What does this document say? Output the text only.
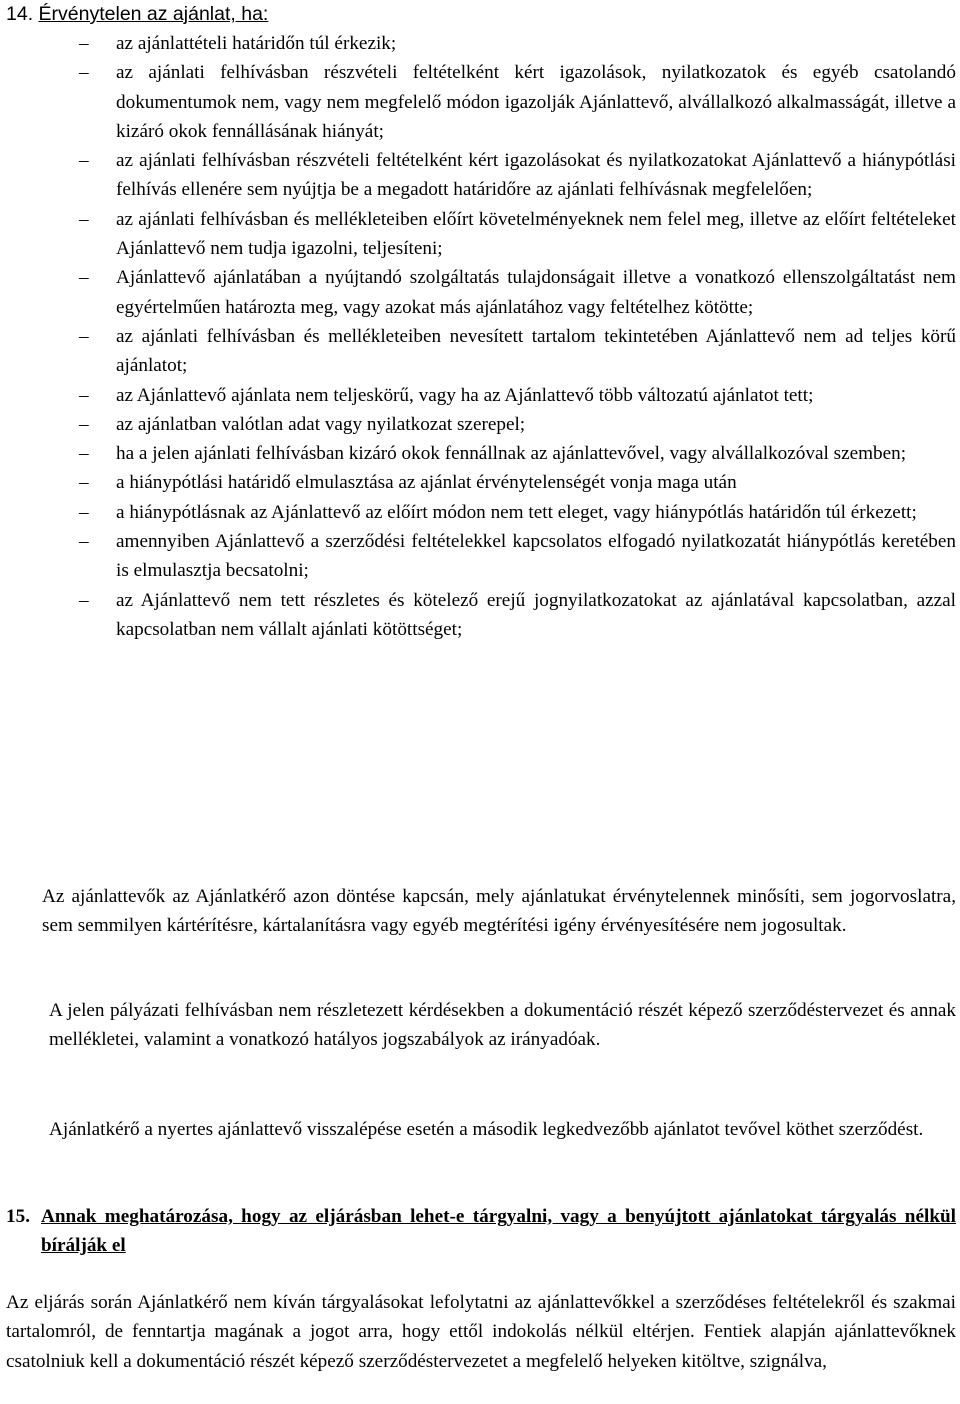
14. Érvénytelen az ajánlat, ha:
– az ajánlattételi határidőn túl érkezik;
– az ajánlati felhívásban részvételi feltételként kért igazolások, nyilatkozatok és egyéb csatolandó dokumentumok nem, vagy nem megfelelő módon igazolják Ajánlattevő, alvállalkozó alkalmasságát, illetve a kizáró okok fennállásának hiányát;
– az ajánlati felhívásban részvételi feltételként kért igazolásokat és nyilatkozatokat Ajánlattevő a hiánypótlási felhívás ellenére sem nyújtja be a megadott határidőre az ajánlati felhívásnak megfelelően;
– az ajánlati felhívásban és mellékleteiben előírt követelményeknek nem felel meg, illetve az előírt feltételeket Ajánlattevő nem tudja igazolni, teljesíteni;
– Ajánlattevő ajánlatában a nyújtandó szolgáltatás tulajdonságait illetve a vonatkozó ellenszolgáltatást nem egyértelműen határozta meg, vagy azokat más ajánlatához vagy feltételhez kötötte;
– az ajánlati felhívásban és mellékleteiben nevesített tartalom tekintetében Ajánlattevő nem ad teljes körű ajánlatot;
– az Ajánlattevő ajánlata nem teljeskörű, vagy ha az Ajánlattevő több változatú ajánlatot tett;
– az ajánlatban valótlan adat vagy nyilatkozat szerepel;
– ha a jelen ajánlati felhívásban kizáró okok fennállnak az ajánlattevővel, vagy alvállalkozóval szemben;
– a hiánypótlási határidő elmulasztása az ajánlat érvénytelenségét vonja maga után
– a hiánypótlásnak az Ajánlattevő az előírt módon nem tett eleget, vagy hiánypótlás határidőn túl érkezett;
– amennyiben Ajánlattevő a szerződési feltételekkel kapcsolatos elfogadó nyilatkozatát hiánypótlás keretében is elmulasztja becsatolni;
– az Ajánlattevő nem tett részletes és kötelező erejű jognyilatkozatokat az ajánlatával kapcsolatban, azzal kapcsolatban nem vállalt ajánlati kötöttséget;

Az ajánlattevők az Ajánlatkérő azon döntése kapcsán, mely ajánlatukat érvénytelennek minősíti, sem jogorvoslatra, sem semmilyen kártérítésre, kártalanításra vagy egyéb megtérítési igény érvényesítésére nem jogosultak.

A jelen pályázati felhívásban nem részletezett kérdésekben a dokumentáció részét képező szerződéstervezet és annak mellékletei, valamint a vonatkozó hatályos jogszabályok az irányadóak.

Ajánlatkérő a nyertes ajánlattevő visszalépése esetén a második legkedvezőbb ajánlatot tevővel köthet szerződést.

15. Annak meghatározása, hogy az eljárásban lehet-e tárgyalni, vagy a benyújtott ajánlatokat tárgyalás nélkül bírálják el

Az eljárás során Ajánlatkérő nem kíván tárgyalásokat lefolytatni az ajánlattevőkkel a szerződéses feltételekről és szakmai tartalomról, de fenntartja magának a jogot arra, hogy ettől indokolás nélkül eltérjen. Fentiek alapján ajánlattevőknek csatolniuk kell a dokumentáció részét képező szerződéstervezetet a megfelelő helyeken kitöltve, szignálva,
